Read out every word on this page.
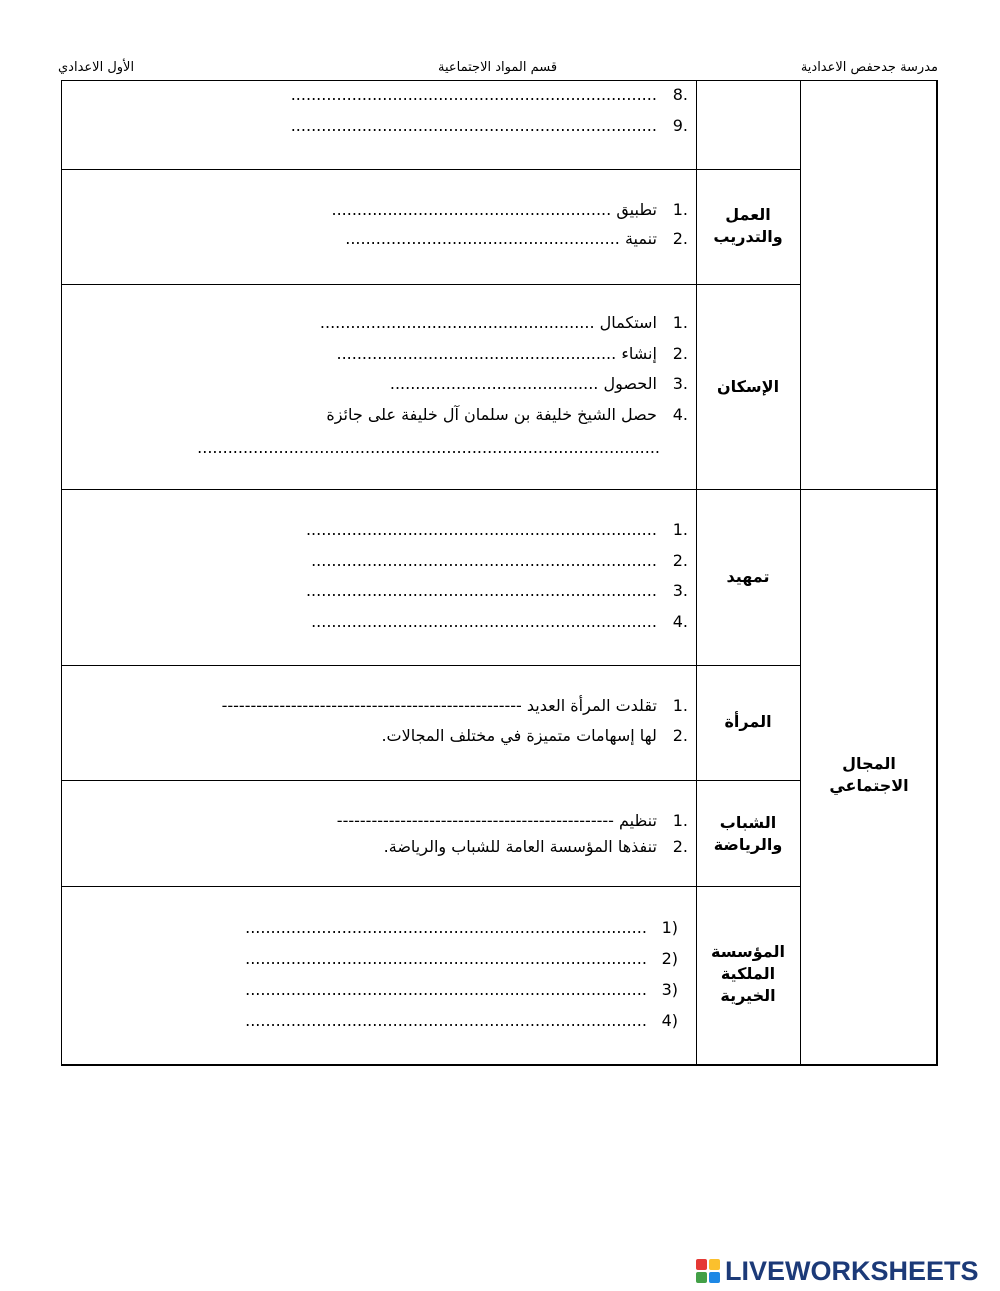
مدرسة جدحفص الاعدادية
قسم المواد الاجتماعية
الأول الاعدادي
المجال الاجتماعي
العمل والتدريب
الإسكان
تمهيد
المرأة
الشباب والرياضة
المؤسسة الملكية الخيرية
.8 ........................................................................
.9 ........................................................................
.1 تطبيق .......................................................
.2 تنمية ......................................................
.1 استكمال ......................................................
.2 إنشاء .......................................................
.3 الحصول .........................................
.4 حصل الشيخ خليفة بن سلمان آل خليفة على جائزة
...........................................................................................
.1 .....................................................................
.2 ....................................................................
.3 .....................................................................
.4 ....................................................................
.1 تقلدت المرأة العديد ----------------------------------------------------
.2 لها إسهامات متميزة في مختلف المجالات.
.1 تنظيم ------------------------------------------------
.2 تنفذها المؤسسة العامة للشباب والرياضة.
(1 ...............................................................................
(2 ...............................................................................
(3 ...............................................................................
(4 ...............................................................................
LIVEWORKSHEETS
